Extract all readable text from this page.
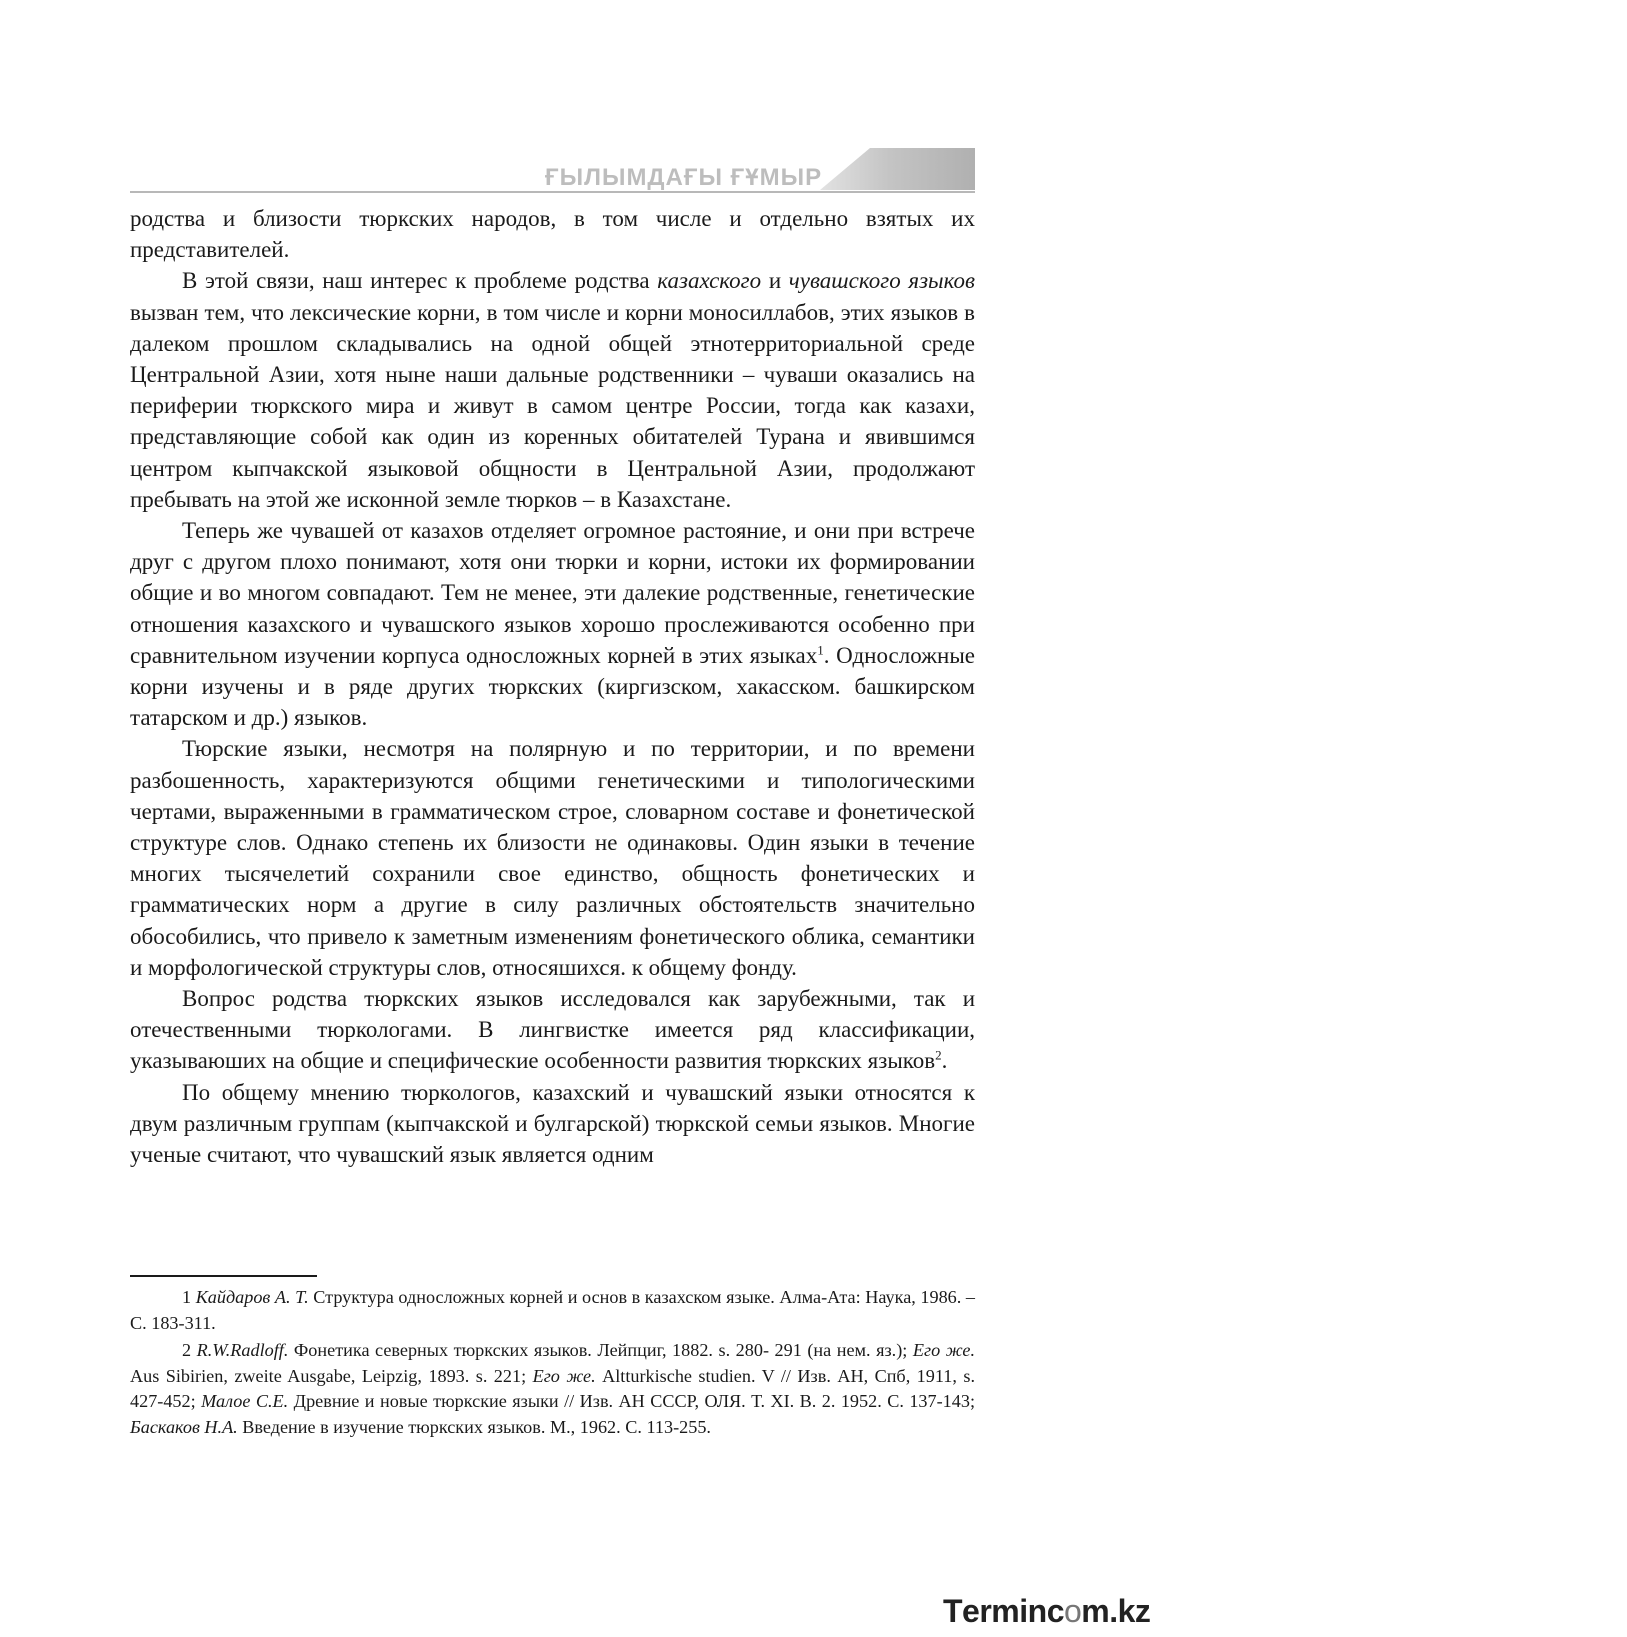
ҒЫЛЫМДАҒЫ ҒҰМЫР	61

родства и близости тюркских народов, в том числе и отдельно взятых их представителей.

В этой связи, наш интерес к проблеме родства казахского и чувашского языков вызван тем, что лексические корни, в том числе и корни моносиллабов, этих языков в далеком прошлом складывались на одной общей этнотерриториальной среде Центральной Азии, хотя ныне наши дальные родственники – чуваши оказались на периферии тюркского мира и живут в самом центре России, тогда как казахи, представляющие собой как один из коренных обитателей Турана и явившимся центром кыпчакской языковой общности в Центральной Азии, продолжают пребывать на этой же исконной земле тюрков – в Казахстане.

Теперь же чувашей от казахов отделяет огромное растояние, и они при встрече друг с другом плохо понимают, хотя они тюрки и корни, истоки их формировании общие и во многом совпадают. Тем не менее, эти далекие родственные, генетические отношения казахского и чувашского языков хорошо прослеживаются особенно при сравнительном изучении корпуса односложных корней в этих языках$^1$. Односложные корни изучены и в ряде других тюркских (киргизском, хакасском. башкирском татарском и др.) языков.

Тюрские языки, несмотря на полярную и по территории, и по времени разбошенность, характеризуются общими генетическими и типологическими чертами, выраженными в грамматическом строе, словарном составе и фонетической структуре слов. Однако степень их близости не одинаковы. Один языки в течение многих тысячелетий сохранили свое единство, общность фонетических и грамматических норм а другие в силу различных обстоятельств значительно обособились, что привело к заметным изменениям фонетического облика, семантики и морфологической структуры слов, относяшихся. к общему фонду.

Вопрос родства тюркских языков исследовался как зарубежными, так и отечественными тюркологами. В лингвистке имеется ряд классификации, указываюших на общие и специфические особенности развития тюркских языков$^2$.

По общему мнению тюркологов, казахский и чувашский языки относятся к двум различным группам (кыпчакской и булгарской) тюркской семьи языков. Многие ученые считают, что чувашский язык является одним

1 Кайдаров А. Т. Структура односложных корней и основ в казахском языке. Алма-Ата: Наука, 1986. – С. 183-311.

2 R.W.Radloff. Фонетика северных тюркских языков. Лейпциг, 1882. s. 280- 291 (на нем. яз.); Его же. Aus Sibirien, zweite Ausgabe, Leipzig, 1893. s. 221; Его же. Altturkische studien. V // Изв. АН, Спб, 1911, s. 427-452; Малое С.Е. Древние и новые тюркские языки // Изв. АН СССР, ОЛЯ. Т. XI. В. 2. 1952. С. 137-143; Баскаков Н.А. Введение в изучение тюркских языков. М., 1962. С. 113-255.

Termincom.kz
